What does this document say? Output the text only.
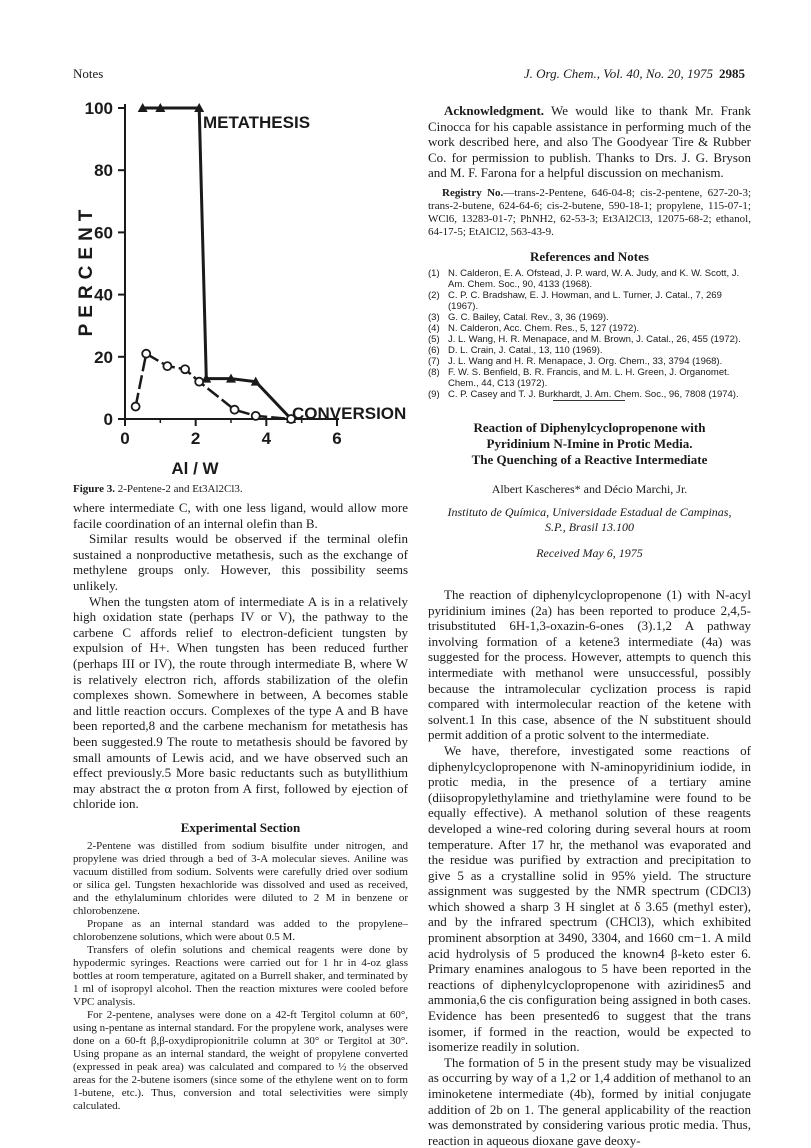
Notes	J. Org. Chem., Vol. 40, No. 20, 1975 2985
0
20
40
60
80
100
0	2	4	6
PERCENT
Al / W
METATHESIS
CONVERSION
Figure 3. 2-Pentene-2 and Et3Al2Cl3.

where intermediate C, with one less ligand, would allow more facile coordination of an internal olefin than B.

Similar results would be observed if the terminal olefin sustained a nonproductive metathesis, such as the exchange of methylene groups only. However, this possibility seems unlikely.

When the tungsten atom of intermediate A is in a relatively high oxidation state (perhaps IV or V), the pathway to the carbene C affords relief to electron-deficient tungsten by expulsion of H+. When tungsten has been reduced further (perhaps III or IV), the route through intermediate B, where W is relatively electron rich, affords stabilization of the olefin complexes shown. Somewhere in between, A becomes stable and little reaction occurs. Complexes of the type A and B have been reported,8 and the carbene mechanism for metathesis has been suggested.9 The route to metathesis should be favored by small amounts of Lewis acid, and we have observed such an effect previously.5 More basic reductants such as butyllithium may abstract the α proton from A first, followed by ejection of chloride ion.

Experimental Section

2-Pentene was distilled from sodium bisulfite under nitrogen, and propylene was dried through a bed of 3-A molecular sieves. Aniline was vacuum distilled from sodium. Solvents were carefully dried over sodium or silica gel. Tungsten hexachloride was dissolved and used as received, and the ethylaluminum chlorides were diluted to 2 M in benzene or chlorobenzene.

Propane as an internal standard was added to the propylene–chlorobenzene solutions, which were about 0.5 M.

Transfers of olefin solutions and chemical reagents were done by hypodermic syringes. Reactions were carried out for 1 hr in 4-oz glass bottles at room temperature, agitated on a Burrell shaker, and terminated by 1 ml of isopropyl alcohol. Then the reaction mixtures were cooled before VPC analysis.

For 2-pentene, analyses were done on a 42-ft Tergitol column at 60°, using n-pentane as internal standard. For the propylene work, analyses were done on a 60-ft β,β-oxydipropionitrile column at 30° or Tergitol at 30°. Using propane as an internal standard, the weight of propylene converted (expressed in peak area) was calculated and compared to ½ the observed areas for the 2-butene isomers (since some of the ethylene went on to form 1-butene, etc.). Thus, conversion and total selectivities were simply calculated.

Acknowledgment. We would like to thank Mr. Frank Cinocca for his capable assistance in performing much of the work described here, and also The Goodyear Tire & Rubber Co. for permission to publish. Thanks to Drs. J. G. Bryson and M. F. Farona for a helpful discussion on mechanism.

Registry No.—trans-2-Pentene, 646-04-8; cis-2-pentene, 627-20-3; trans-2-butene, 624-64-6; cis-2-butene, 590-18-1; propylene, 115-07-1; WCl6, 13283-01-7; PhNH2, 62-53-3; Et3Al2Cl3, 12075-68-2; ethanol, 64-17-5; EtAlCl2, 563-43-9.

References and Notes
(1) N. Calderon, E. A. Ofstead, J. P. ward, W. A. Judy, and K. W. Scott, J. Am. Chem. Soc., 90, 4133 (1968).
(2) C. P. C. Bradshaw, E. J. Howman, and L. Turner, J. Catal., 7, 269 (1967).
(3) G. C. Bailey, Catal. Rev., 3, 36 (1969).
(4) N. Calderon, Acc. Chem. Res., 5, 127 (1972).
(5) J. L. Wang, H. R. Menapace, and M. Brown, J. Catal., 26, 455 (1972).
(6) D. L. Crain, J. Catal., 13, 110 (1969).
(7) J. L. Wang and H. R. Menapace, J. Org. Chem., 33, 3794 (1968).
(8) F. W. S. Benfield, B. R. Francis, and M. L. H. Green, J. Organomet. Chem., 44, C13 (1972).
(9) C. P. Casey and T. J. Burkhardt, J. Am. Chem. Soc., 96, 7808 (1974).
Reaction of Diphenylcyclopropenone with
Pyridinium N-Imine in Protic Media.
The Quenching of a Reactive Intermediate
Albert Kascheres* and Décio Marchi, Jr.
Instituto de Química, Universidade Estadual de Campinas,
S.P., Brasil 13.100
Received May 6, 1975

The reaction of diphenylcyclopropenone (1) with N-acyl pyridinium imines (2a) has been reported to produce 2,4,5-trisubstituted 6H-1,3-oxazin-6-ones (3).1,2 A pathway involving formation of a ketene3 intermediate (4a) was suggested for the process. However, attempts to quench this intermediate with methanol were unsuccessful, possibly because the intramolecular cyclization process is rapid compared with intermolecular reaction of the ketene with solvent.1 In this case, absence of the N substituent should permit addition of a protic solvent to the intermediate.

We have, therefore, investigated some reactions of diphenylcyclopropenone with N-aminopyridinium iodide, in protic media, in the presence of a tertiary amine (diisopropylethylamine and triethylamine were found to be equally effective). A methanol solution of these reagents developed a wine-red coloring during several hours at room temperature. After 17 hr, the methanol was evaporated and the residue was purified by extraction and precipitation to give 5 as a crystalline solid in 95% yield. The structure assignment was suggested by the NMR spectrum (CDCl3) which showed a sharp 3 H singlet at δ 3.65 (methyl ester), and by the infrared spectrum (CHCl3), which exhibited prominent absorption at 3490, 3304, and 1660 cm−1. A mild acid hydrolysis of 5 produced the known4 β-keto ester 6. Primary enamines analogous to 5 have been reported in the reactions of diphenylcyclopropenone with aziridines5 and ammonia,6 the cis configuration being assigned in both cases. Evidence has been presented6 to suggest that the trans isomer, if formed in the reaction, would be expected to isomerize readily in solution.

The formation of 5 in the present study may be visualized as occurring by way of a 1,2 or 1,4 addition of methanol to an iminoketene intermediate (4b), formed by initial conjugate addition of 2b on 1. The general applicability of the reaction was demonstrated by considering various protic media. Thus, reaction in aqueous dioxane gave deoxy-
